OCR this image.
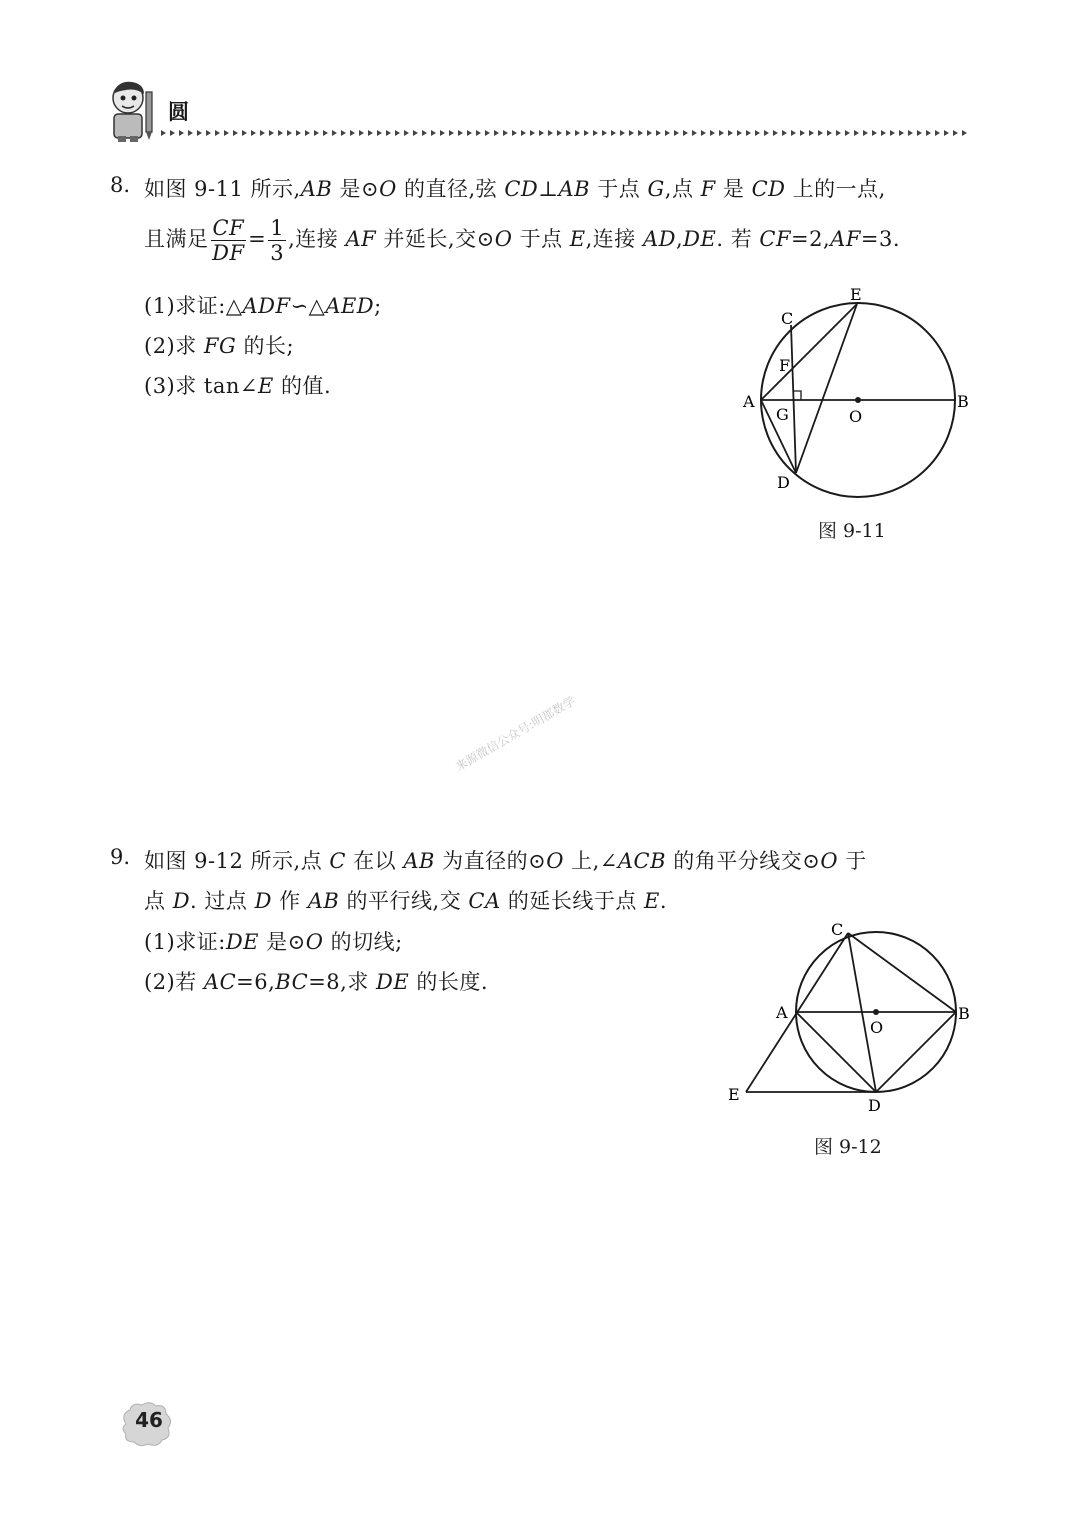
圆
8. 如图 9-11 所示,AB 是⊙O 的直径,弦 CD⊥AB 于点 G,点 F 是 CD 上的一点,
且满足 $\frac{CF}{DF} = \frac{1}{3}$ ,连接 AF 并延长,交⊙O 于点 E,连接 AD,DE. 若 CF=2,AF=3.
(1)求证:△ADF∽△AED;
(2)求 FG 的长;
(3)求 tan∠E 的值.
A	B
C
D
E
F
G	O
图 9-11
来源微信公众号:明郡数学
9. 如图 9-12 所示,点 C 在以 AB 为直径的⊙O 上,∠ACB 的角平分线交⊙O 于
点 D. 过点 D 作 AB 的平行线,交 CA 的延长线于点 E.
(1)求证:DE 是⊙O 的切线;
(2)若 AC=6,BC=8,求 DE 的长度.
A	B
C
D
E
O
图 9-12
46
